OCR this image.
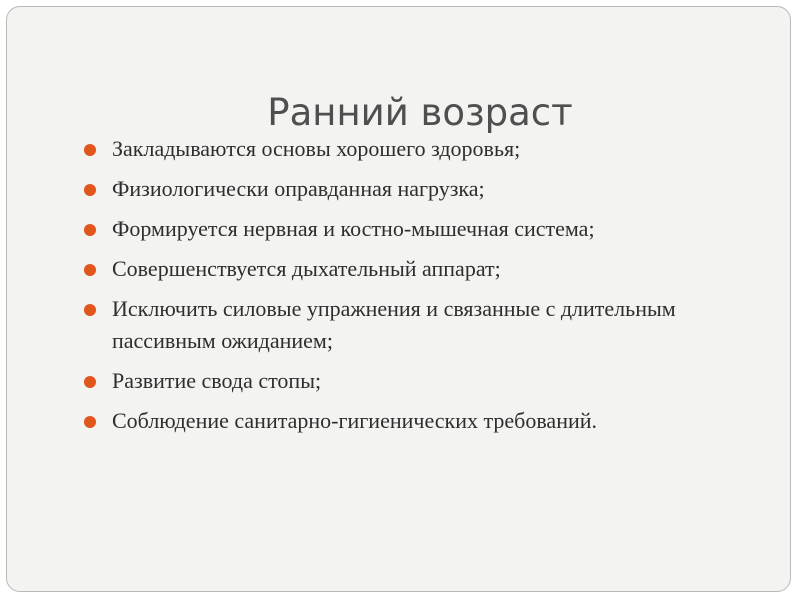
Ранний возраст
Закладываются основы хорошего здоровья;
Физиологически оправданная нагрузка;
Формируется нервная и костно-мышечная система;
Совершенствуется дыхательный аппарат;
Исключить силовые упражнения и связанные с длительным пассивным ожиданием;
Развитие свода стопы;
Соблюдение санитарно-гигиенических требований.
